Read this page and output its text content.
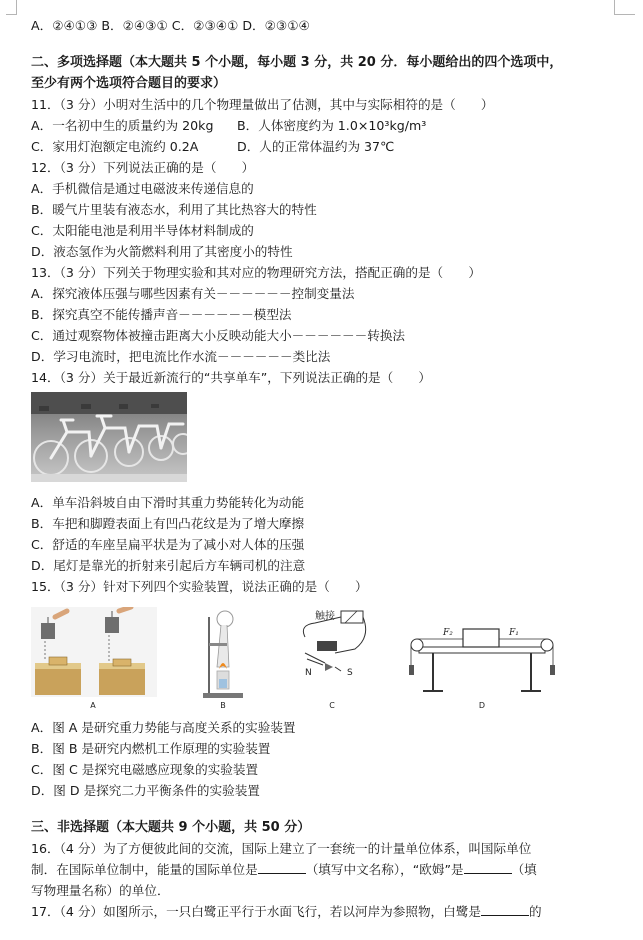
A．②④①③ B．②④③① C．②③④① D．②③①④
二、多项选择题（本大题共 5 个小题，每小题 3 分，共 20 分．每小题给出的四个选项中，
至少有两个选项符合题目的要求）
11．（3 分）小明对生活中的几个物理量做出了估测，其中与实际相符的是（　　）
A．一名初中生的质量约为 20kg	B．人体密度约为 1.0×10³kg/m³
C．家用灯泡额定电流约 0.2A	D．人的正常体温约为 37℃
12．（3 分）下列说法正确的是（　　）
A．手机微信是通过电磁波来传递信息的
B．暖气片里装有液态水，利用了其比热容大的特性
C．太阳能电池是利用半导体材料制成的
D．液态氢作为火箭燃料利用了其密度小的特性
13．（3 分）下列关于物理实验和其对应的物理研究方法，搭配正确的是（　　）
A．探究液体压强与哪些因素有关－－－－－－控制变量法
B．探究真空不能传播声音－－－－－－模型法
C．通过观察物体被撞击距离大小反映动能大小－－－－－－转换法
D．学习电流时，把电流比作水流－－－－－－类比法
14．（3 分）关于最近新流行的“共享单车”，下列说法正确的是（　　）
A．单车沿斜坡自由下滑时其重力势能转化为动能
B．车把和脚蹬表面上有凹凸花纹是为了增大摩擦
C．舒适的车座呈扁平状是为了减小对人体的压强
D．尾灯是靠光的折射来引起后方车辆司机的注意
15．（3 分）针对下列四个实验装置，说法正确的是（　　）
A	B
触接
N	S
C
F₂	F₁
D
A．图 A 是研究重力势能与高度关系的实验装置
B．图 B 是研究内燃机工作原理的实验装置
C．图 C 是探究电磁感应现象的实验装置
D．图 D 是探究二力平衡条件的实验装置
三、非选择题（本大题共 9 个小题，共 50 分）
16．（4 分）为了方便彼此间的交流，国际上建立了一套统一的计量单位体系，叫国际单位
制．在国际单位制中，能量的国际单位是	（填写中文名称），“欧姆”是	（填
写物理量名称）的单位．
17．（4 分）如图所示，一只白鹭正平行于水面飞行，若以河岸为参照物，白鹭是	的
